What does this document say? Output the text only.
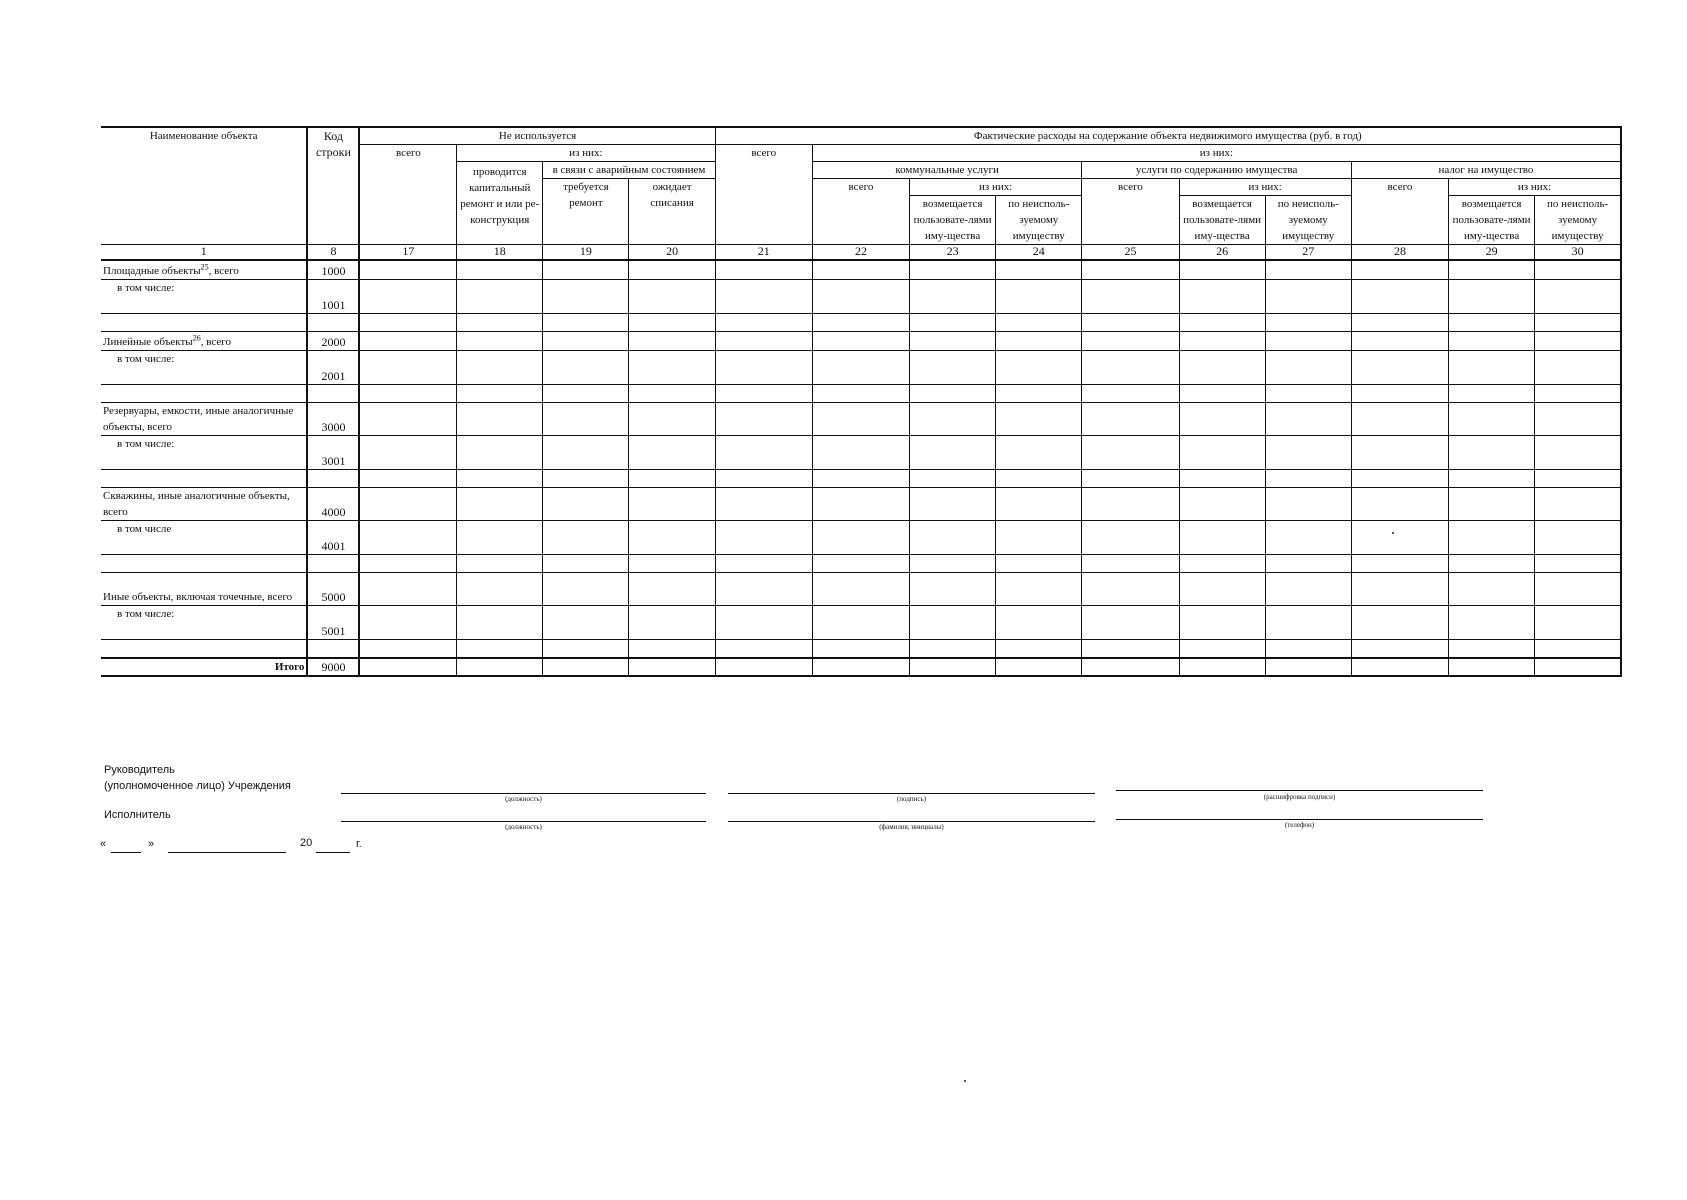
Наименование объекта	Код строки	Не используется				Фактические расходы на содержание объекта недвижимого имущества (руб. в год)									
		всего	из них:			всего	из них:								
			проводится капитальный ремонт и или ре-конструкция	в связи с аварийным состоянием			коммунальные услуги			услуги по содержанию имущества			налог на имущество		

				требуется ремонт	ожидает списания		всего	из них:		всего	из них:		всего	из них:	
								возмещается пользовате-лями иму-щества	по неисполь-зуемому имуществу		возмещается пользовате-лями иму-щества	по неисполь-зуемому имуществу		возмещается пользовате-лями иму-щества	по неисполь-зуемому имуществу

1	8	17	18	19	20	21	22	23	24	25	26	27	28	29	30
Площадные объекты$^{25}$, всего	1000														
в том числе:	1001														

Линейные объекты$^{26}$, всего	2000														
в том числе:	2001														

Резервуары, емкости, иные аналогичные объекты, всего	3000														
в том числе:	3001														

Скважины, иные аналогичные объекты, всего	4000														
в том числе	4001														

Иные объекты, включая точечные, всего	5000														
в том числе:	5001														

Итого	9000														
Руководитель
(уполномоченное лицо) Учреждения
(должность)	(подпись)	(расшифровка подписи)
Исполнитель
(должность)	(фамилия, инициалы)	(телефон)
«	»	20	г.
